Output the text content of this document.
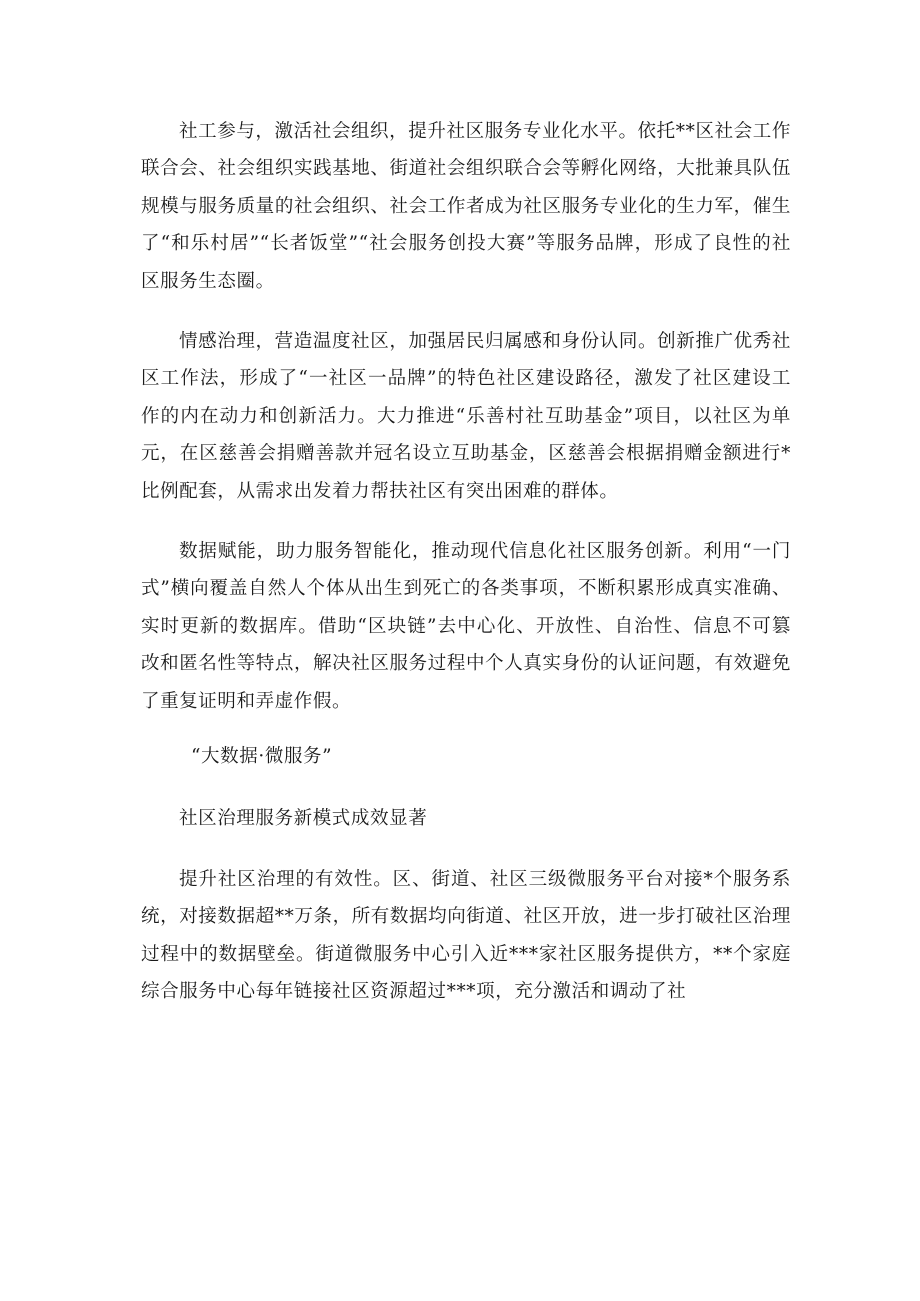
社工参与，激活社会组织，提升社区服务专业化水平。依托**区社会工作联合会、社会组织实践基地、街道社会组织联合会等孵化网络，大批兼具队伍规模与服务质量的社会组织、社会工作者成为社区服务专业化的生力军，催生了“和乐村居”“长者饭堂”“社会服务创投大赛”等服务品牌，形成了良性的社区服务生态圈。

情感治理，营造温度社区，加强居民归属感和身份认同。创新推广优秀社区工作法，形成了“一社区一品牌”的特色社区建设路径，激发了社区建设工作的内在动力和创新活力。大力推进“乐善村社互助基金”项目，以社区为单元，在区慈善会捐赠善款并冠名设立互助基金，区慈善会根据捐赠金额进行*比例配套，从需求出发着力帮扶社区有突出困难的群体。

数据赋能，助力服务智能化，推动现代信息化社区服务创新。利用“一门式”横向覆盖自然人个体从出生到死亡的各类事项，不断积累形成真实准确、实时更新的数据库。借助“区块链”去中心化、开放性、自治性、信息不可篡改和匿名性等特点，解决社区服务过程中个人真实身份的认证问题，有效避免了重复证明和弄虚作假。

“大数据·微服务”

社区治理服务新模式成效显著

提升社区治理的有效性。区、街道、社区三级微服务平台对接*个服务系统，对接数据超**万条，所有数据均向街道、社区开放，进一步打破社区治理过程中的数据壁垒。街道微服务中心引入近***家社区服务提供方，**个家庭综合服务中心每年链接社区资源超过***项，充分激活和调动了社
